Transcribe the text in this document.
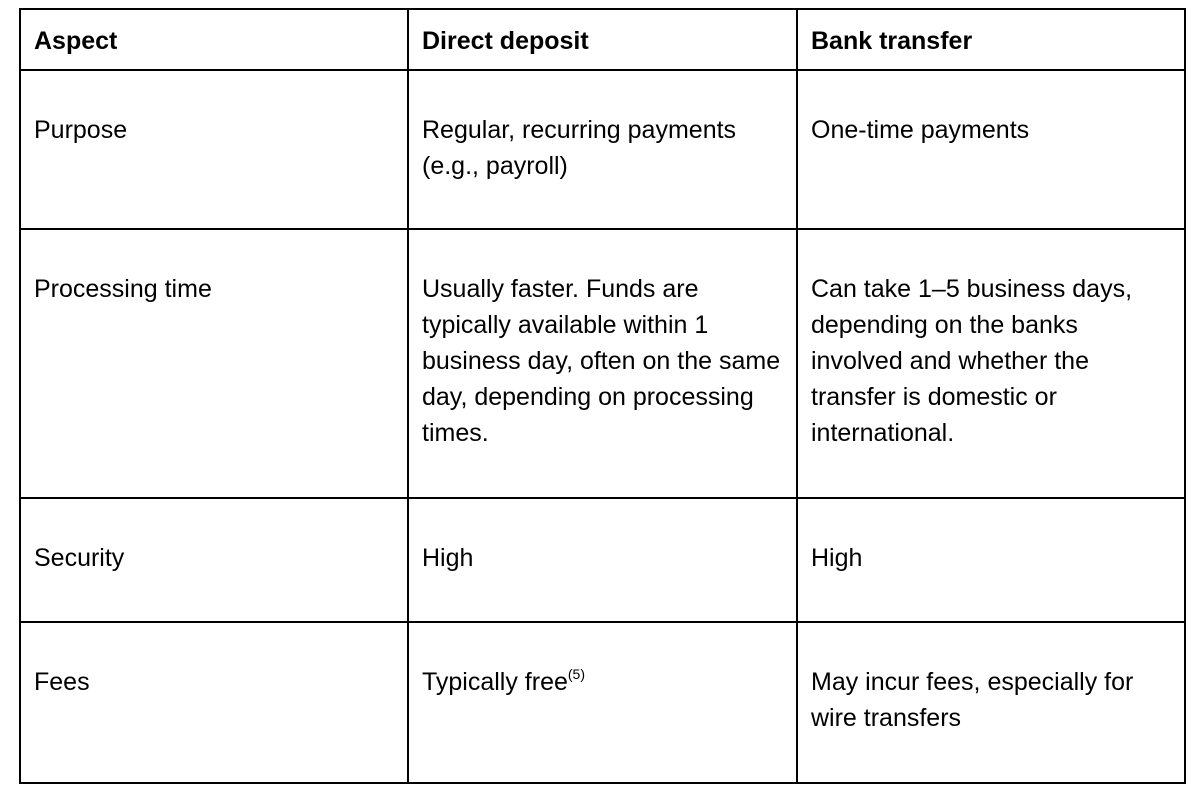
Aspect	Direct deposit	Bank transfer
Purpose	Regular, recurring payments (e.g., payroll)	One-time payments
Processing time	Usually faster. Funds are typically available within 1 business day, often on the same day, depending on processing times.	Can take 1–5 business days, depending on the banks involved and whether the transfer is domestic or international.
Security	High	High
Fees	Typically free$^{(5)}$	May incur fees, especially for wire transfers
